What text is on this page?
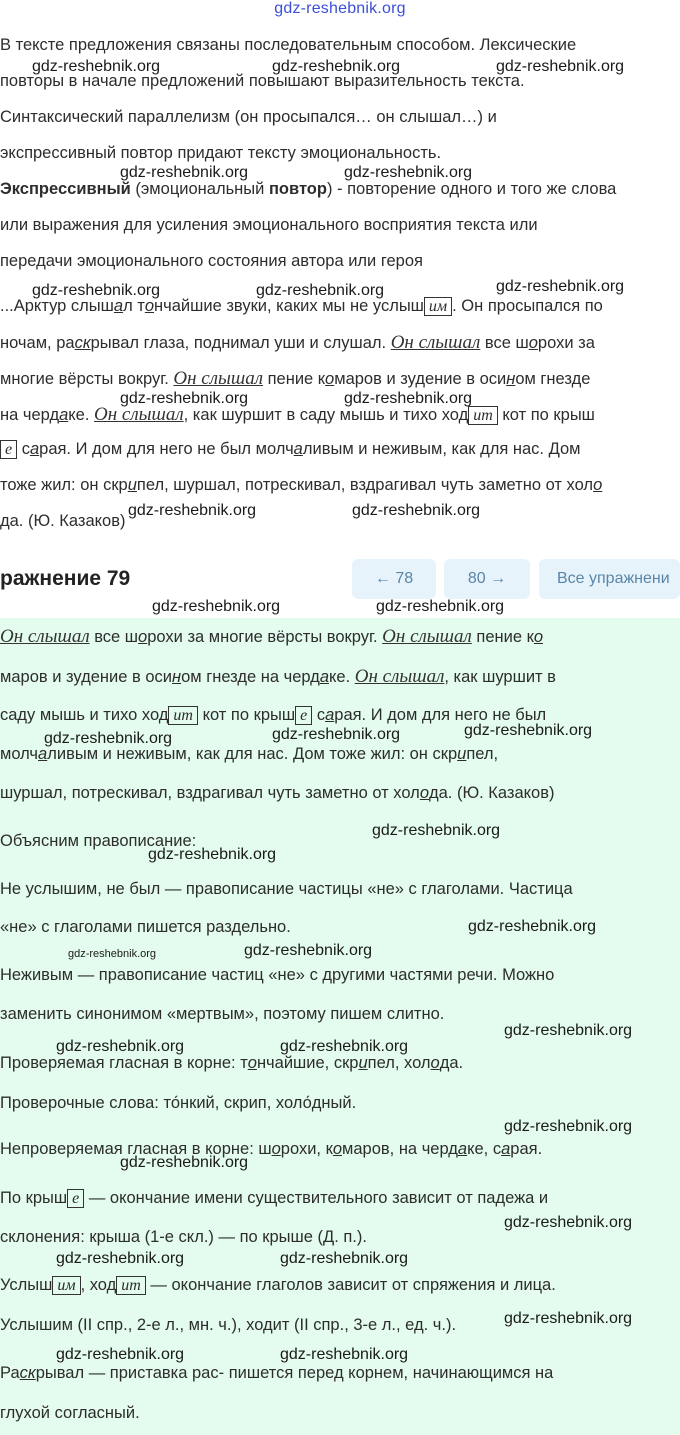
gdz-reshebnik.org
В тексте предложения связаны последовательным способом. Лексические
повторы в начале предложений повышают выразительность текста.
Синтаксический параллелизм (он просыпался… он слышал…) и
экспрессивный повтор придают тексту эмоциональность.
Экспрессивный (эмоциональный повтор) - повторение одного и того же слова
или выражения для усиления эмоционального восприятия текста или
передачи эмоционального состояния автора или героя
...Арктур слышал тончайшие звуки, каких мы не услыш им . Он просыпался по
ночам, раскрывал глаза, поднимал уши и слушал. Он слышал все шорохи за
многие вёрсты вокруг. Он слышал пение комаров и зудение в осином гнезде
на чердаке. Он слышал, как шуршит в саду мышь и тихо ход ит кот по крыш
е сарая. И дом для него не был молчаливым и неживым, как для нас. Дом
тоже жил: он скрипел, шуршал, потрескивал, вздрагивал чуть заметно от холо
да. (Ю. Казаков)
ражнение 79	← 78	80 →	Все упражнени
Он слышал все шорохи за многие вёрсты вокруг. Он слышал пение ко
маров и зудение в осином гнезде на чердаке. Он слышал, как шуршит в
саду мышь и тихо ход ит кот по крыш е сарая. И дом для него не был
молчаливым и неживым, как для нас. Дом тоже жил: он скрипел,
шуршал, потрескивал, вздрагивал чуть заметно от холода. (Ю. Казаков)
Объясним правописание:
Не услышим, не был — правописание частицы «не» с глаголами. Частица
«не» с глаголами пишется раздельно.
Неживым — правописание частиц «не» с другими частями речи. Можно
заменить синонимом «мертвым», поэтому пишем слитно.
Проверяемая гласная в корне: тончайшие, скрипел, холода.
Проверочные слова: то́нкий, скрип, холо́дный.
Непроверяемая гласная в корне: шорохи, комаров, на чердаке, сарая.
По крыш е — окончание имени существительного зависит от падежа и
склонения: крыша (1-е скл.) — по крыше (Д. п.).
Услыш им , ход ит — окончание глаголов зависит от спряжения и лица.
Услышим (II спр., 2-е л., мн. ч.), ходит (II спр., 3-е л., ед. ч.).
Раскрывал — приставка рас- пишется перед корнем, начинающимся на
глухой согласный.
gdz-reshebnik.org	gdz-reshebnik.org	gdz-reshebnik.org
gdz-reshebnik.org	gdz-reshebnik.org
gdz-reshebnik.org
gdz-reshebnik.org	gdz-reshebnik.org
gdz-reshebnik.org	gdz-reshebnik.org
gdz-reshebnik.org	gdz-reshebnik.org
gdz-reshebnik.org	gdz-reshebnik.org
gdz-reshebnik.org
gdz-reshebnik.org
gdz-reshebnik.org
gdz-reshebnik.org
gdz-reshebnik.org
gdz-reshebnik.org
gdz-reshebnik.org	gdz-reshebnik.org
gdz-reshebnik.org
gdz-reshebnik.org	gdz-reshebnik.org
gdz-reshebnik.org
gdz-reshebnik.org
gdz-reshebnik.org
gdz-reshebnik.org	gdz-reshebnik.org
gdz-reshebnik.org
gdz-reshebnik.org	gdz-reshebnik.org
